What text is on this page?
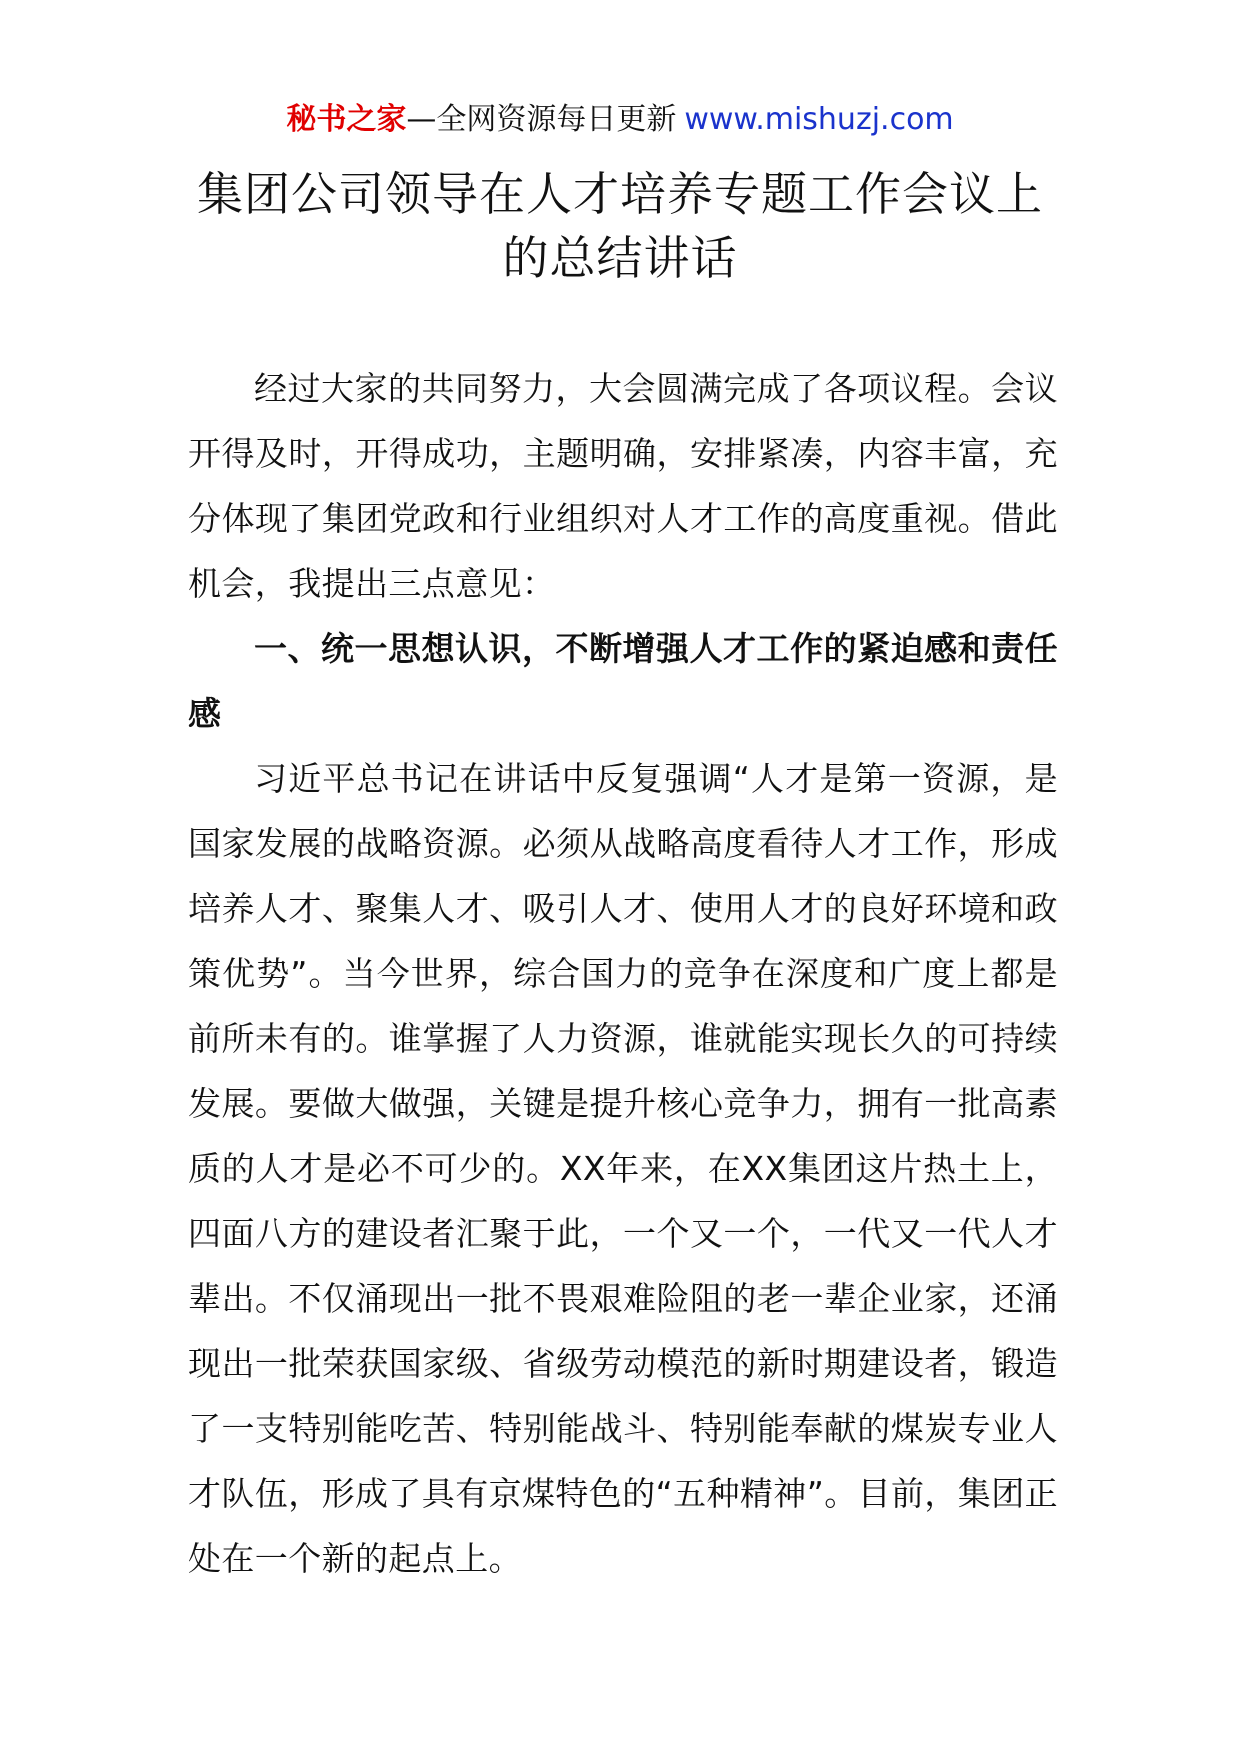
秘书之家—全网资源每日更新 www.mishuzj.com
集团公司领导在人才培养专题工作会议上
的总结讲话

经过大家的共同努力，大会圆满完成了各项议程。会议开得及时，开得成功，主题明确，安排紧凑，内容丰富，充分体现了集团党政和行业组织对人才工作的高度重视。借此机会，我提出三点意见：

一、统一思想认识，不断增强人才工作的紧迫感和责任感

习近平总书记在讲话中反复强调“人才是第一资源，是国家发展的战略资源。必须从战略高度看待人才工作，形成培养人才、聚集人才、吸引人才、使用人才的良好环境和政策优势”。当今世界，综合国力的竞争在深度和广度上都是前所未有的。谁掌握了人力资源，谁就能实现长久的可持续发展。要做大做强，关键是提升核心竞争力，拥有一批高素质的人才是必不可少的。XX年来，在XX集团这片热土上，四面八方的建设者汇聚于此，一个又一个，一代又一代人才辈出。不仅涌现出一批不畏艰难险阻的老一辈企业家，还涌现出一批荣获国家级、省级劳动模范的新时期建设者，锻造了一支特别能吃苦、特别能战斗、特别能奉献的煤炭专业人才队伍，形成了具有京煤特色的“五种精神”。目前，集团正处在一个新的起点上。
